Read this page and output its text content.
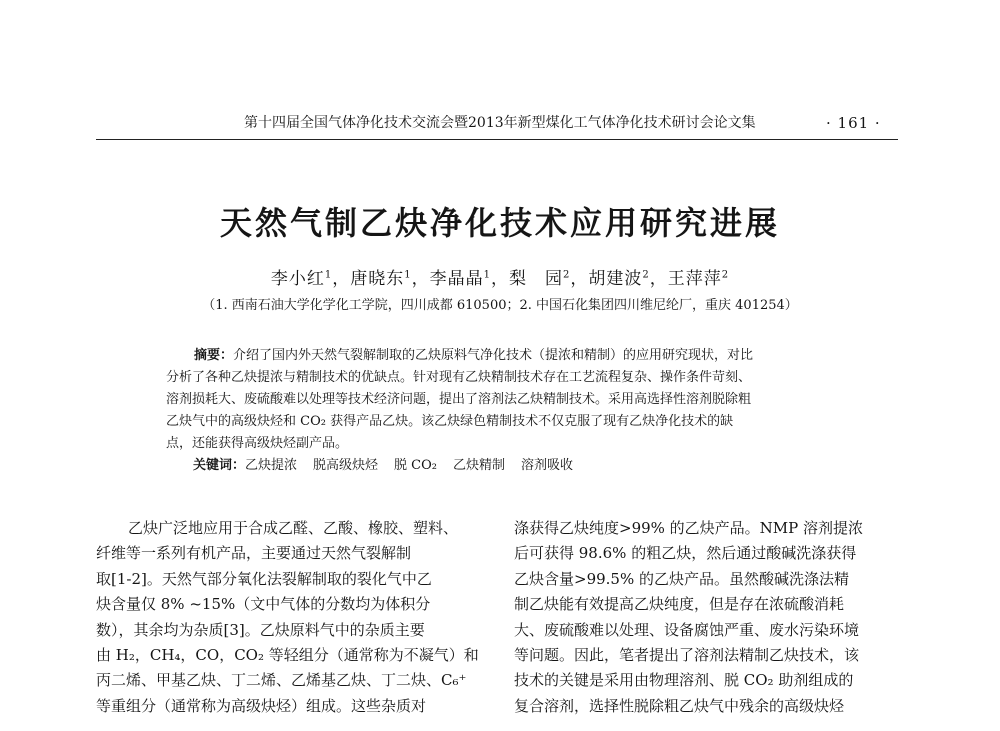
第十四届全国气体净化技术交流会暨2013年新型煤化工气体净化技术研讨会论文集	· 161 ·
天然气制乙炔净化技术应用研究进展
李小红$^1$，唐晓东$^1$，李晶晶$^1$，梨　园$^2$，胡建波$^2$，王萍萍$^2$
（1. 西南石油大学化学化工学院，四川成都 610500；2. 中国石化集团四川维尼纶厂，重庆 401254）
摘要：介绍了国内外天然气裂解制取的乙炔原料气净化技术（提浓和精制）的应用研究现状，对比
分析了各种乙炔提浓与精制技术的优缺点。针对现有乙炔精制技术存在工艺流程复杂、操作条件苛刻、
溶剂损耗大、废硫酸难以处理等技术经济问题，提出了溶剂法乙炔精制技术。采用高选择性溶剂脱除粗
乙炔气中的高级炔烃和 CO₂ 获得产品乙炔。该乙炔绿色精制技术不仅克服了现有乙炔净化技术的缺
点，还能获得高级炔烃副产品。
关键词：乙炔提浓 脱高级炔烃 脱 CO₂ 乙炔精制 溶剂吸收
乙炔广泛地应用于合成乙醛、乙酸、橡胶、塑料、
纤维等一系列有机产品，主要通过天然气裂解制
取[1-2]。天然气部分氧化法裂解制取的裂化气中乙
炔含量仅 8% ~15%（文中气体的分数均为体积分
数），其余均为杂质[3]。乙炔原料气中的杂质主要
由 H₂，CH₄，CO，CO₂ 等轻组分（通常称为不凝气）和
丙二烯、甲基乙炔、丁二烯、乙烯基乙炔、丁二炔、C₆⁺
等重组分（通常称为高级炔烃）组成。这些杂质对
涤获得乙炔纯度>99% 的乙炔产品。NMP 溶剂提浓
后可获得 98.6% 的粗乙炔，然后通过酸碱洗涤获得
乙炔含量>99.5% 的乙炔产品。虽然酸碱洗涤法精
制乙炔能有效提高乙炔纯度，但是存在浓硫酸消耗
大、废硫酸难以处理、设备腐蚀严重、废水污染环境
等问题。因此，笔者提出了溶剂法精制乙炔技术，该
技术的关键是采用由物理溶剂、脱 CO₂ 助剂组成的
复合溶剂，选择性脱除粗乙炔气中残余的高级炔烃
